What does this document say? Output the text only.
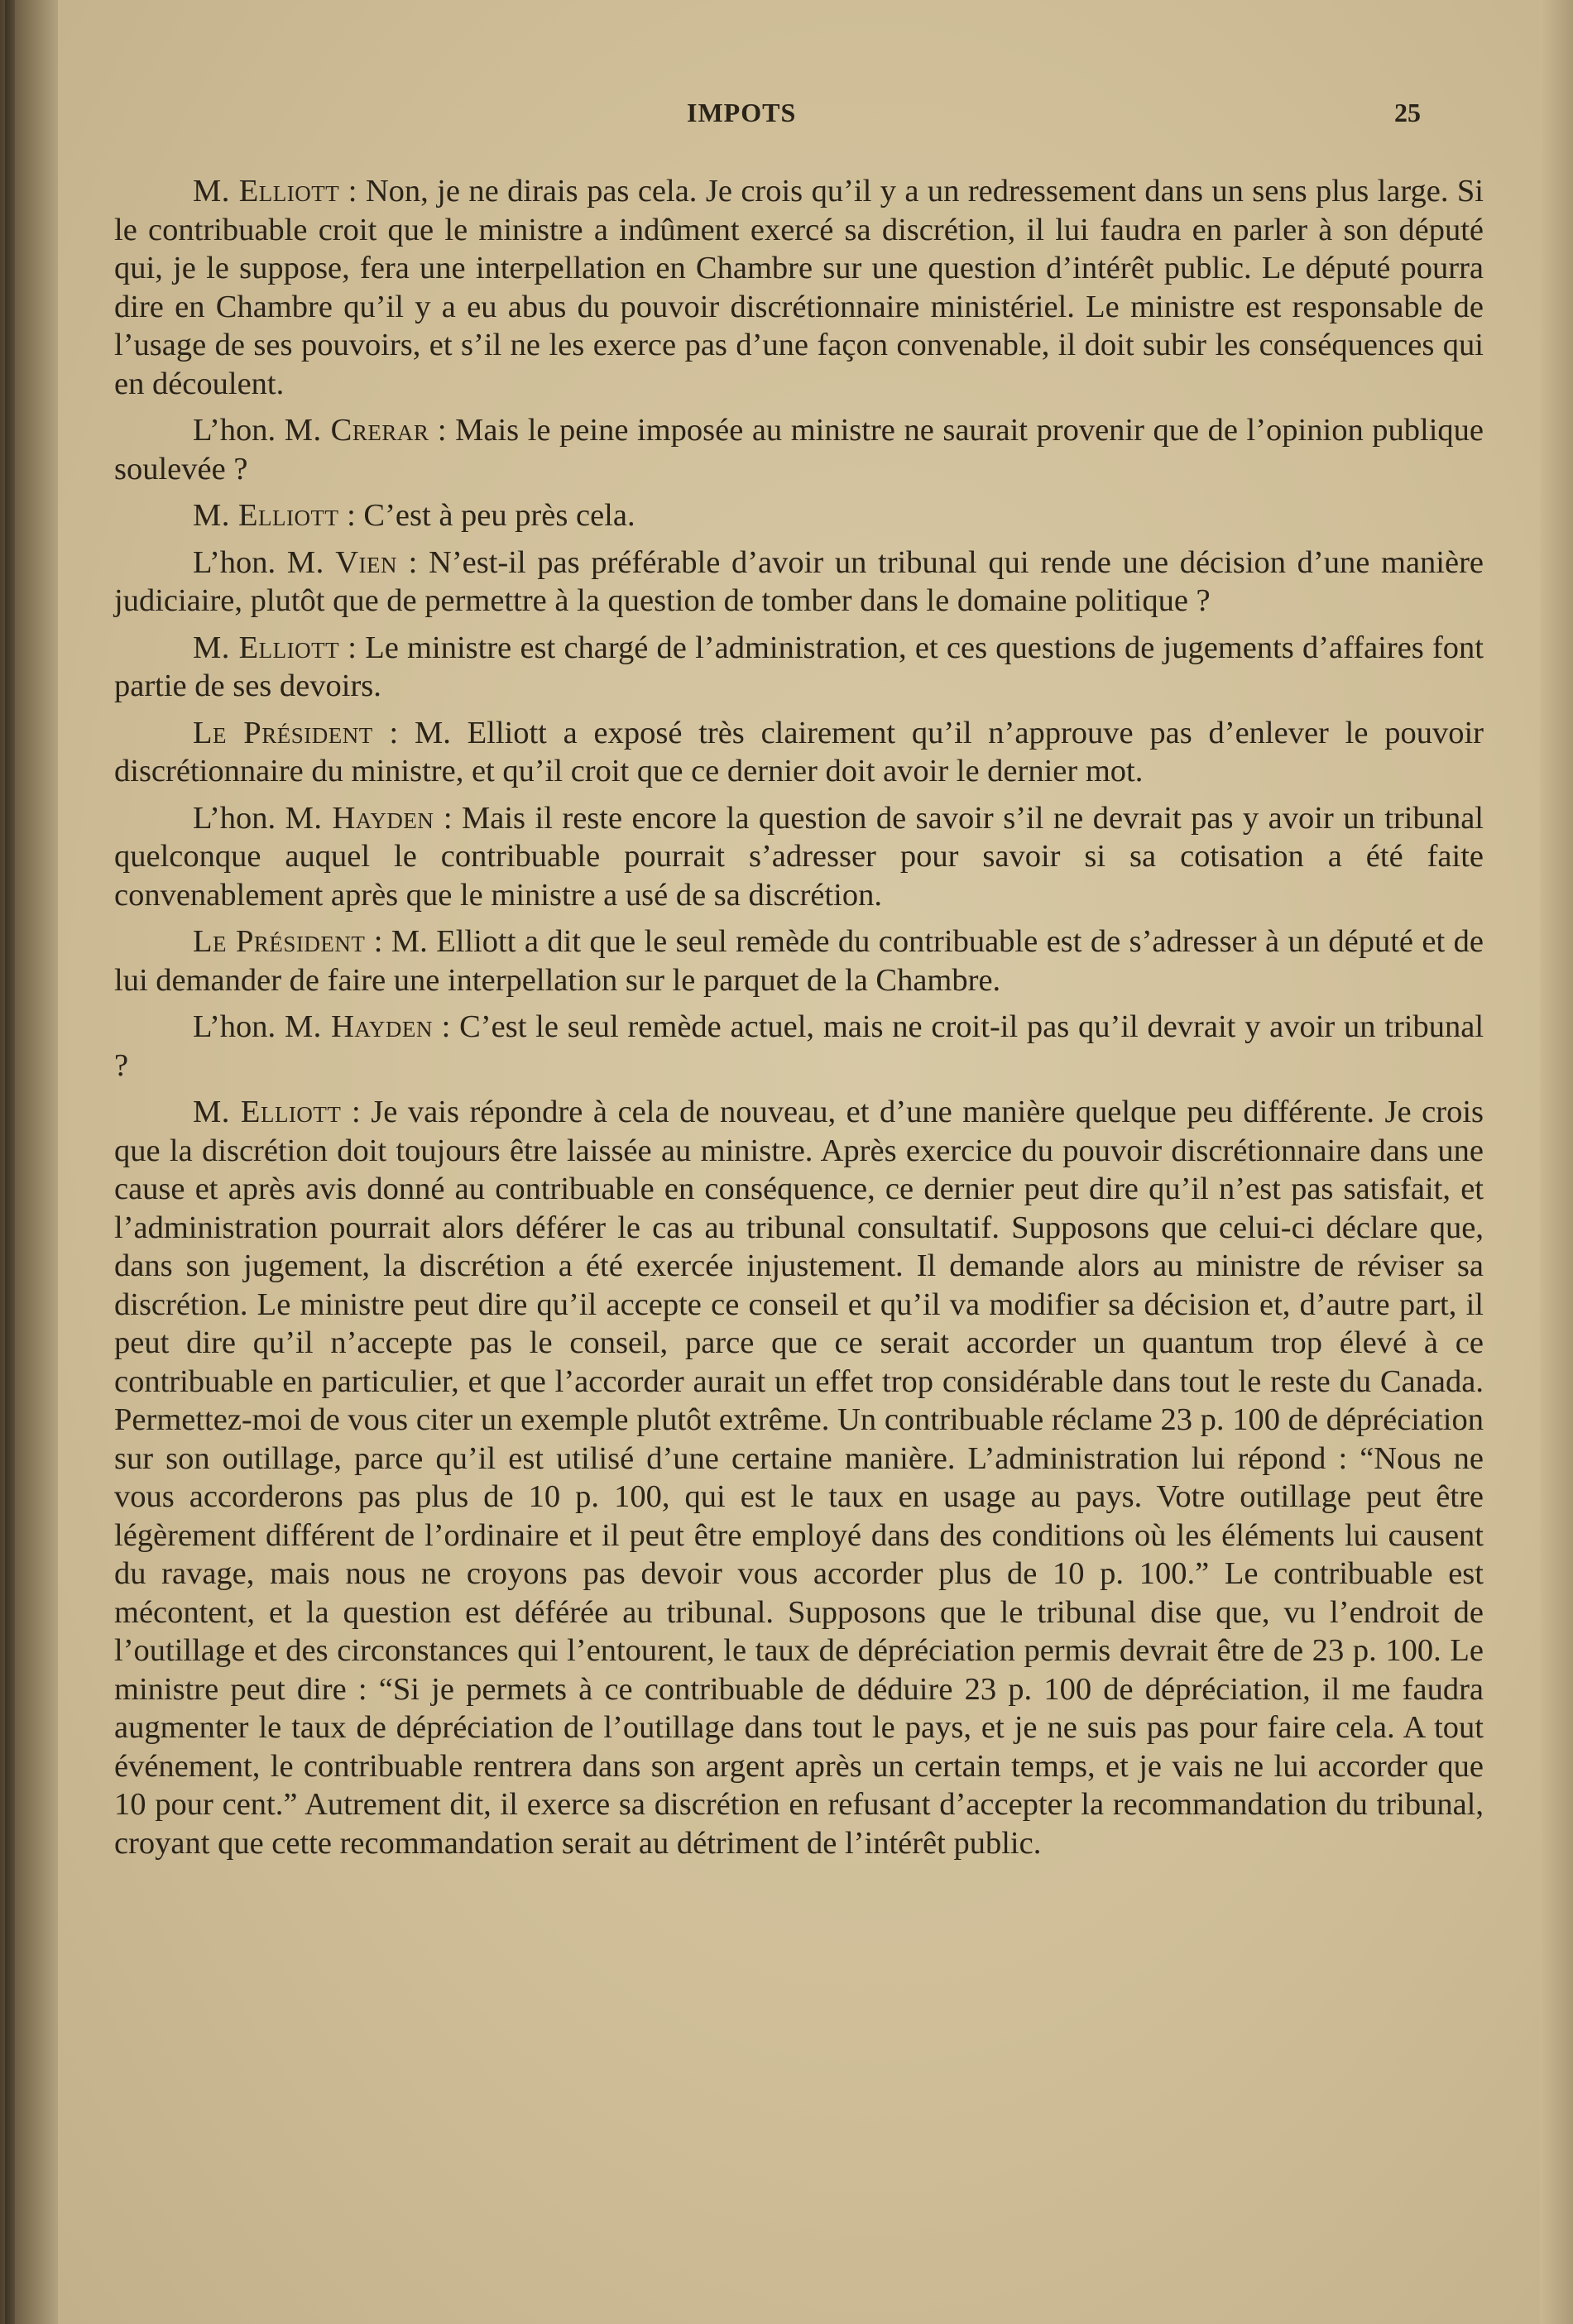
IMPOTS	25

M. Elliott : Non, je ne dirais pas cela. Je crois qu’il y a un redressement dans un sens plus large. Si le contribuable croit que le ministre a indûment exercé sa discrétion, il lui faudra en parler à son député qui, je le suppose, fera une interpellation en Chambre sur une question d’intérêt public. Le député pourra dire en Chambre qu’il y a eu abus du pouvoir discrétionnaire ministériel. Le ministre est responsable de l’usage de ses pouvoirs, et s’il ne les exerce pas d’une façon convenable, il doit subir les conséquences qui en découlent.

L’hon. M. Crerar : Mais le peine imposée au ministre ne saurait provenir que de l’opinion publique soulevée ?

M. Elliott : C’est à peu près cela.

L’hon. M. Vien : N’est-il pas préférable d’avoir un tribunal qui rende une décision d’une manière judiciaire, plutôt que de permettre à la question de tomber dans le domaine politique ?

M. Elliott : Le ministre est chargé de l’administration, et ces questions de jugements d’affaires font partie de ses devoirs.

Le Président : M. Elliott a exposé très clairement qu’il n’approuve pas d’enlever le pouvoir discrétionnaire du ministre, et qu’il croit que ce dernier doit avoir le dernier mot.

L’hon. M. Hayden : Mais il reste encore la question de savoir s’il ne devrait pas y avoir un tribunal quelconque auquel le contribuable pourrait s’adresser pour savoir si sa cotisation a été faite convenablement après que le ministre a usé de sa discrétion.

Le Président : M. Elliott a dit que le seul remède du contribuable est de s’adresser à un député et de lui demander de faire une interpellation sur le parquet de la Chambre.

L’hon. M. Hayden : C’est le seul remède actuel, mais ne croit-il pas qu’il devrait y avoir un tribunal ?

M. Elliott : Je vais répondre à cela de nouveau, et d’une manière quelque peu différente. Je crois que la discrétion doit toujours être laissée au ministre. Après exercice du pouvoir discrétionnaire dans une cause et après avis donné au contribuable en conséquence, ce dernier peut dire qu’il n’est pas satisfait, et l’administration pourrait alors déférer le cas au tribunal consultatif. Supposons que celui-ci déclare que, dans son jugement, la discrétion a été exercée injustement. Il demande alors au ministre de réviser sa discrétion. Le ministre peut dire qu’il accepte ce conseil et qu’il va modifier sa décision et, d’autre part, il peut dire qu’il n’accepte pas le conseil, parce que ce serait accorder un quantum trop élevé à ce contribuable en particulier, et que l’accorder aurait un effet trop considérable dans tout le reste du Canada. Permettez-moi de vous citer un exemple plutôt extrême. Un contribuable réclame 23 p. 100 de dépréciation sur son outillage, parce qu’il est utilisé d’une certaine manière. L’administration lui répond : “Nous ne vous accorderons pas plus de 10 p. 100, qui est le taux en usage au pays. Votre outillage peut être légèrement différent de l’ordinaire et il peut être employé dans des conditions où les éléments lui causent du ravage, mais nous ne croyons pas devoir vous accorder plus de 10 p. 100.” Le contribuable est mécontent, et la question est déférée au tribunal. Supposons que le tribunal dise que, vu l’endroit de l’outillage et des circonstances qui l’entourent, le taux de dépréciation permis devrait être de 23 p. 100. Le ministre peut dire : “Si je permets à ce contribuable de déduire 23 p. 100 de dépréciation, il me faudra augmenter le taux de dépréciation de l’outillage dans tout le pays, et je ne suis pas pour faire cela. A tout événement, le contribuable rentrera dans son argent après un certain temps, et je vais ne lui accorder que 10 pour cent.” Autrement dit, il exerce sa discrétion en refusant d’accepter la recommandation du tribunal, croyant que cette recommandation serait au détriment de l’intérêt public.
